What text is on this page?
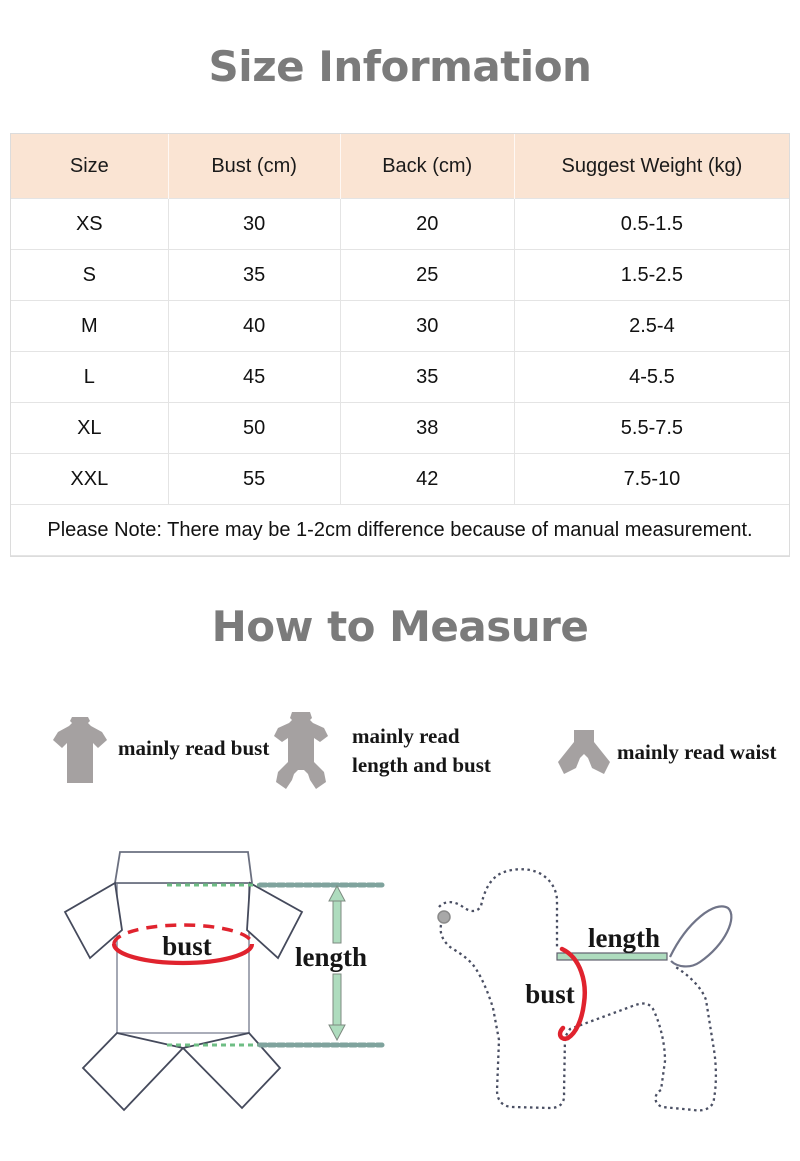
Size Information
Size	Bust (cm)	Back (cm)	Suggest Weight (kg)
XS	30	20	0.5-1.5
S	35	25	1.5-2.5
M	40	30	2.5-4
L	45	35	4-5.5
XL	50	38	5.5-7.5
XXL	55	42	7.5-10
Please Note: There may be 1-2cm difference because of manual measurement.			
How to Measure
mainly read bust	mainly read
length and bust
mainly read waist
bust	length
length
bust
